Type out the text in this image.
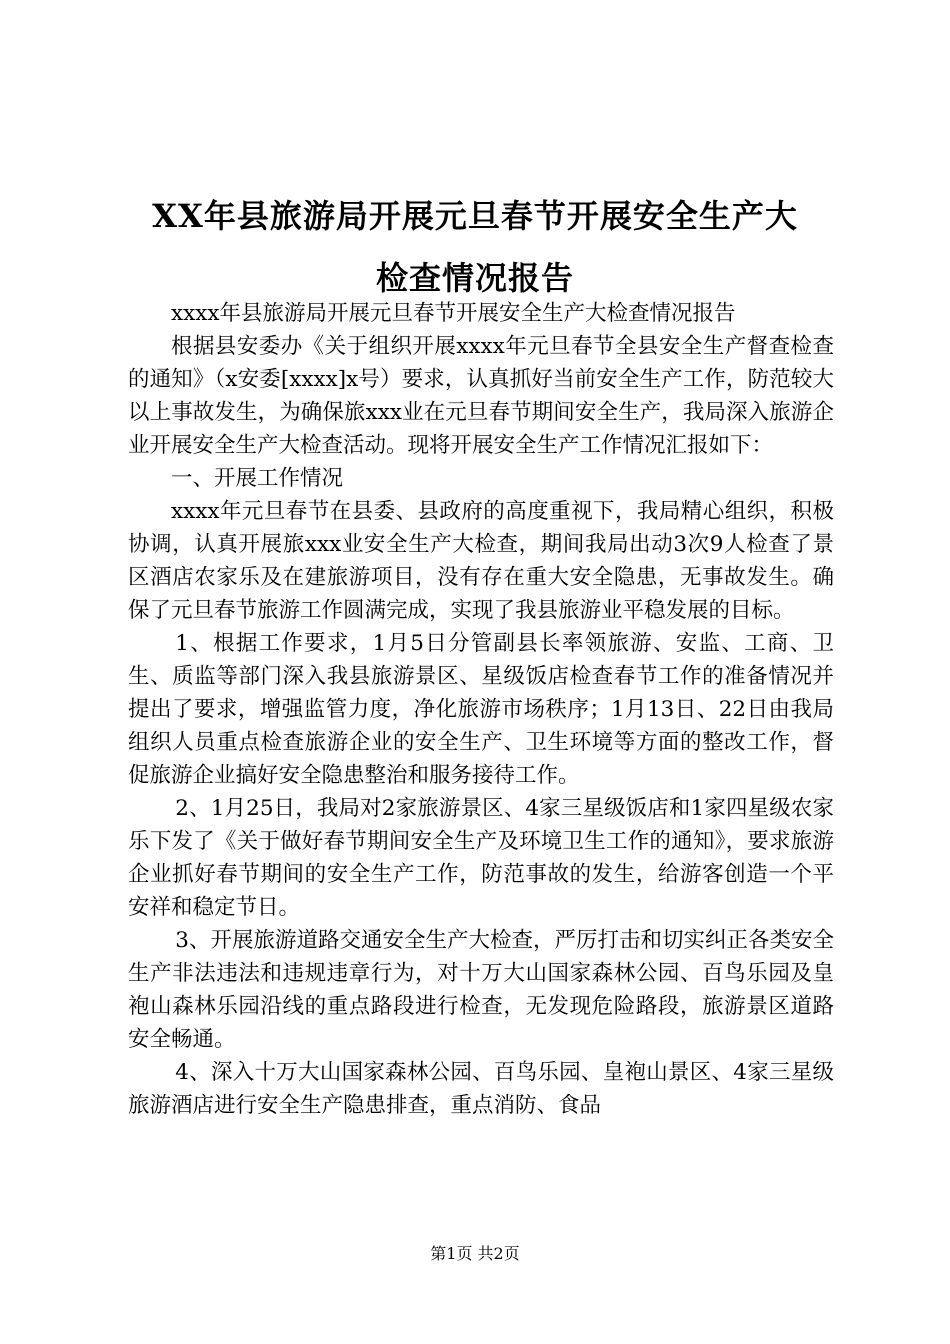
XX年县旅游局开展元旦春节开展安全生产大
检查情况报告

xxxx年县旅游局开展元旦春节开展安全生产大检查情况报告

根据县安委办《关于组织开展xxxx年元旦春节全县安全生产督查检查的通知》（x安委[xxxx]x号）要求，认真抓好当前安全生产工作，防范较大以上事故发生，为确保旅xxx业在元旦春节期间安全生产，我局深入旅游企业开展安全生产大检查活动。现将开展安全生产工作情况汇报如下：

一、开展工作情况

xxxx年元旦春节在县委、县政府的高度重视下，我局精心组织，积极协调，认真开展旅xxx业安全生产大检查，期间我局出动3次9人检查了景区酒店农家乐及在建旅游项目，没有存在重大安全隐患，无事故发生。确保了元旦春节旅游工作圆满完成，实现了我县旅游业平稳发展的目标。

1、根据工作要求，1月5日分管副县长率领旅游、安监、工商、卫生、质监等部门深入我县旅游景区、星级饭店检查春节工作的准备情况并提出了要求，增强监管力度，净化旅游市场秩序；1月13日、22日由我局组织人员重点检查旅游企业的安全生产、卫生环境等方面的整改工作，督促旅游企业搞好安全隐患整治和服务接待工作。

2、1月25日，我局对2家旅游景区、4家三星级饭店和1家四星级农家乐下发了《关于做好春节期间安全生产及环境卫生工作的通知》，要求旅游企业抓好春节期间的安全生产工作，防范事故的发生，给游客创造一个平安祥和稳定节日。

3、开展旅游道路交通安全生产大检查，严厉打击和切实纠正各类安全生产非法违法和违规违章行为，对十万大山国家森林公园、百鸟乐园及皇袍山森林乐园沿线的重点路段进行检查，无发现危险路段，旅游景区道路安全畅通。

4、深入十万大山国家森林公园、百鸟乐园、皇袍山景区、4家三星级旅游酒店进行安全生产隐患排查，重点消防、食品

第1页 共2页
